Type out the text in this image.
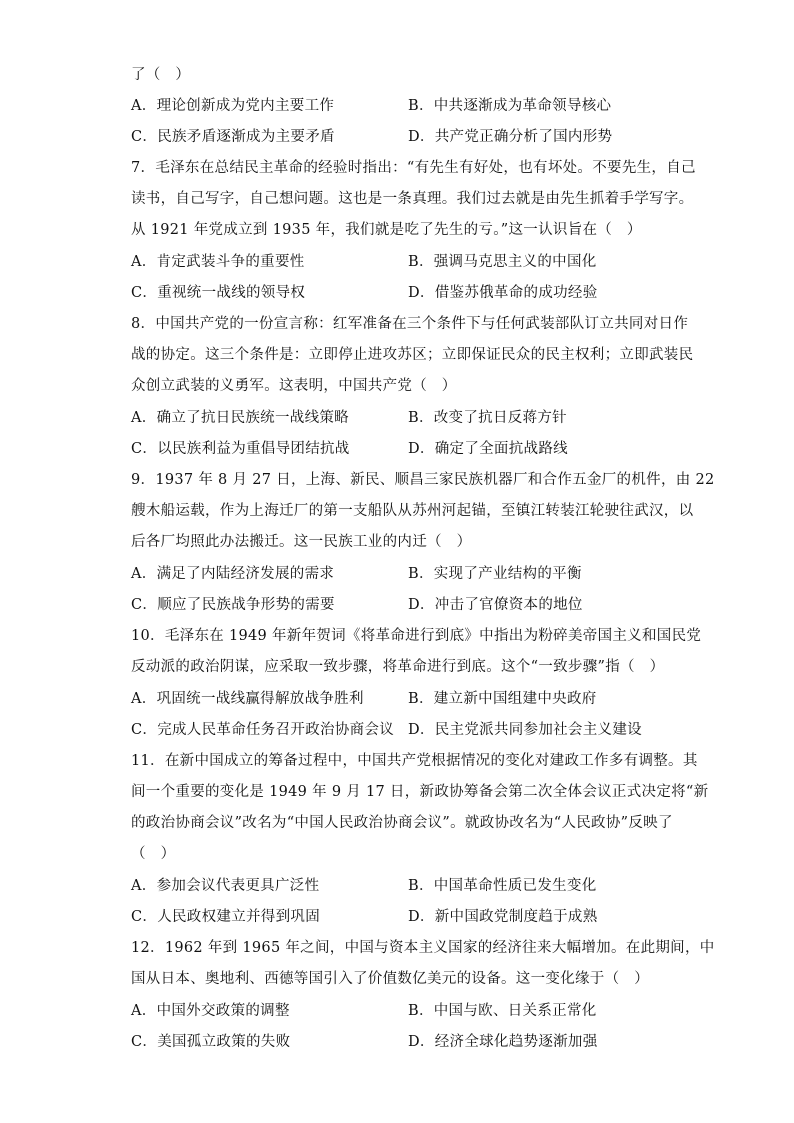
了（　）
A．理论创新成为党内主要工作	B．中共逐渐成为革命领导核心
C．民族矛盾逐渐成为主要矛盾	D．共产党正确分析了国内形势
7．毛泽东在总结民主革命的经验时指出：“有先生有好处，也有坏处。不要先生，自己
读书，自己写字，自己想问题。这也是一条真理。我们过去就是由先生抓着手学写字。
从 1921 年党成立到 1935 年，我们就是吃了先生的亏。”这一认识旨在（　）
A．肯定武装斗争的重要性	B．强调马克思主义的中国化
C．重视统一战线的领导权	D．借鉴苏俄革命的成功经验
8．中国共产党的一份宣言称：红军准备在三个条件下与任何武装部队订立共同对日作
战的协定。这三个条件是：立即停止进攻苏区；立即保证民众的民主权利；立即武装民
众创立武装的义勇军。这表明，中国共产党（　）
A．确立了抗日民族统一战线策略	B．改变了抗日反蒋方针
C．以民族利益为重倡导团结抗战	D．确定了全面抗战路线
9．1937 年 8 月 27 日，上海、新民、顺昌三家民族机器厂和合作五金厂的机件，由 22
艘木船运载，作为上海迁厂的第一支船队从苏州河起锚，至镇江转装江轮驶往武汉，以
后各厂均照此办法搬迁。这一民族工业的内迁（　）
A．满足了内陆经济发展的需求	B．实现了产业结构的平衡
C．顺应了民族战争形势的需要	D．冲击了官僚资本的地位
10．毛泽东在 1949 年新年贺词《将革命进行到底》中指出为粉碎美帝国主义和国民党
反动派的政治阴谋，应采取一致步骤，将革命进行到底。这个“一致步骤”指（　）
A．巩固统一战线赢得解放战争胜利	B．建立新中国组建中央政府
C．完成人民革命任务召开政治协商会议 D．民主党派共同参加社会主义建设
11．在新中国成立的筹备过程中，中国共产党根据情况的变化对建政工作多有调整。其
间一个重要的变化是 1949 年 9 月 17 日，新政协筹备会第二次全体会议正式决定将“新
的政治协商会议”改名为“中国人民政治协商会议”。就政协改名为“人民政协”反映了
（　）
A．参加会议代表更具广泛性	B．中国革命性质已发生变化
C．人民政权建立并得到巩固	D．新中国政党制度趋于成熟
12．1962 年到 1965 年之间，中国与资本主义国家的经济往来大幅增加。在此期间，中
国从日本、奥地利、西德等国引入了价值数亿美元的设备。这一变化缘于（　）
A．中国外交政策的调整	B．中国与欧、日关系正常化
C．美国孤立政策的失败	D．经济全球化趋势逐渐加强
